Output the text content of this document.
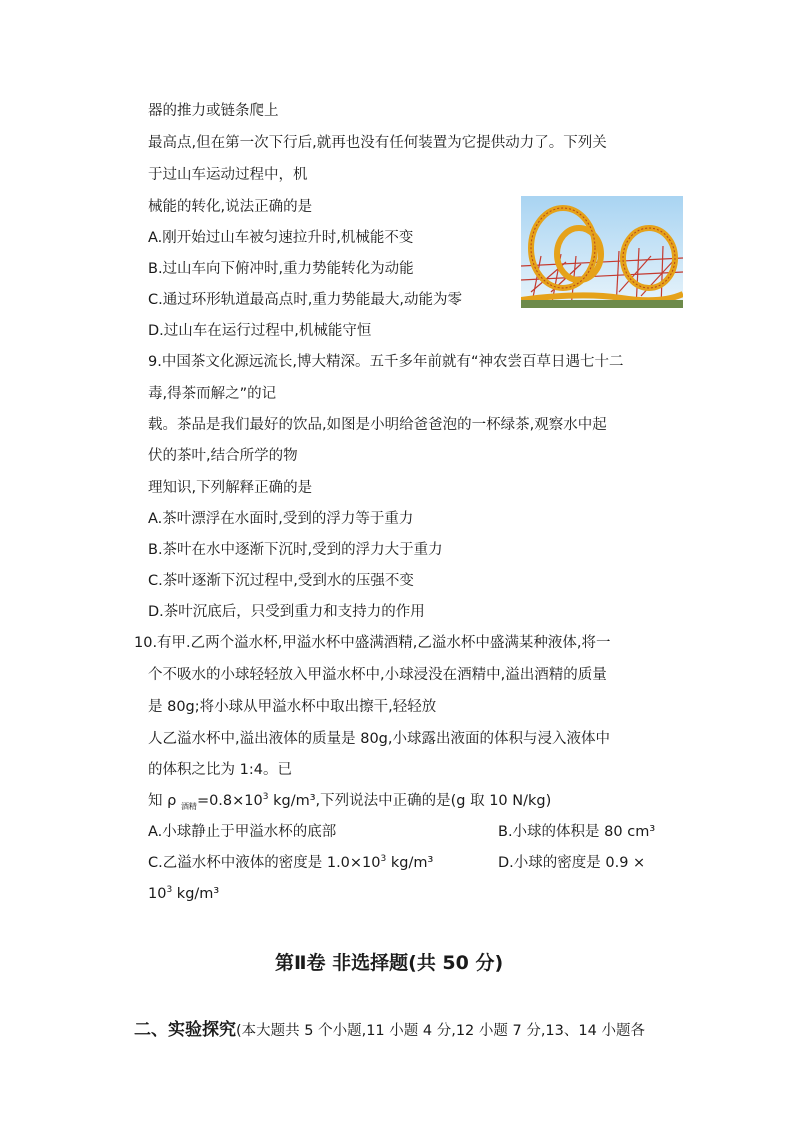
器的推力或链条爬上
最高点,但在第一次下行后,就再也没有任何装置为它提供动力了。下列关
于过山车运动过程中，机
械能的转化,说法正确的是
A.刚开始过山车被匀速拉升时,机械能不变
B.过山车向下俯冲时,重力势能转化为动能
C.通过环形轨道最高点时,重力势能最大,动能为零
D.过山车在运行过程中,机械能守恒
9.中国茶文化源远流长,博大精深。五千多年前就有“神农尝百草日遇七十二
毒,得茶而解之”的记
载。茶品是我们最好的饮品,如图是小明给爸爸泡的一杯绿茶,观察水中起
伏的茶叶,结合所学的物
理知识,下列解释正确的是
A.茶叶漂浮在水面时,受到的浮力等于重力
B.茶叶在水中逐渐下沉时,受到的浮力大于重力
C.茶叶逐渐下沉过程中,受到水的压强不变
D.茶叶沉底后，只受到重力和支持力的作用
10.有甲.乙两个溢水杯,甲溢水杯中盛满酒精,乙溢水杯中盛满某种液体,将一
个不吸水的小球轻轻放入甲溢水杯中,小球浸没在酒精中,溢出酒精的质量
是 80g;将小球从甲溢水杯中取出擦干,轻轻放
人乙溢水杯中,溢出液体的质量是 80g,小球露出液面的体积与浸入液体中
的体积之比为 1:4。已
知 ρ $_{酒精}=0.8\times 10^3$ kg/m³,下列说法中正确的是(g 取 10 N/kg)
A.小球静止于甲溢水杯的底部	B.小球的体积是 80 cm³
C.乙溢水杯中液体的密度是 $1.0\times 10^3$ kg/m³	D.小球的密度是 0.9 ×
$10^3$ kg/m³
第Ⅱ卷 非选择题(共 50 分)
二、实验探究(本大题共 5 个小题,11 小题 4 分,12 小题 7 分,13、14 小题各
